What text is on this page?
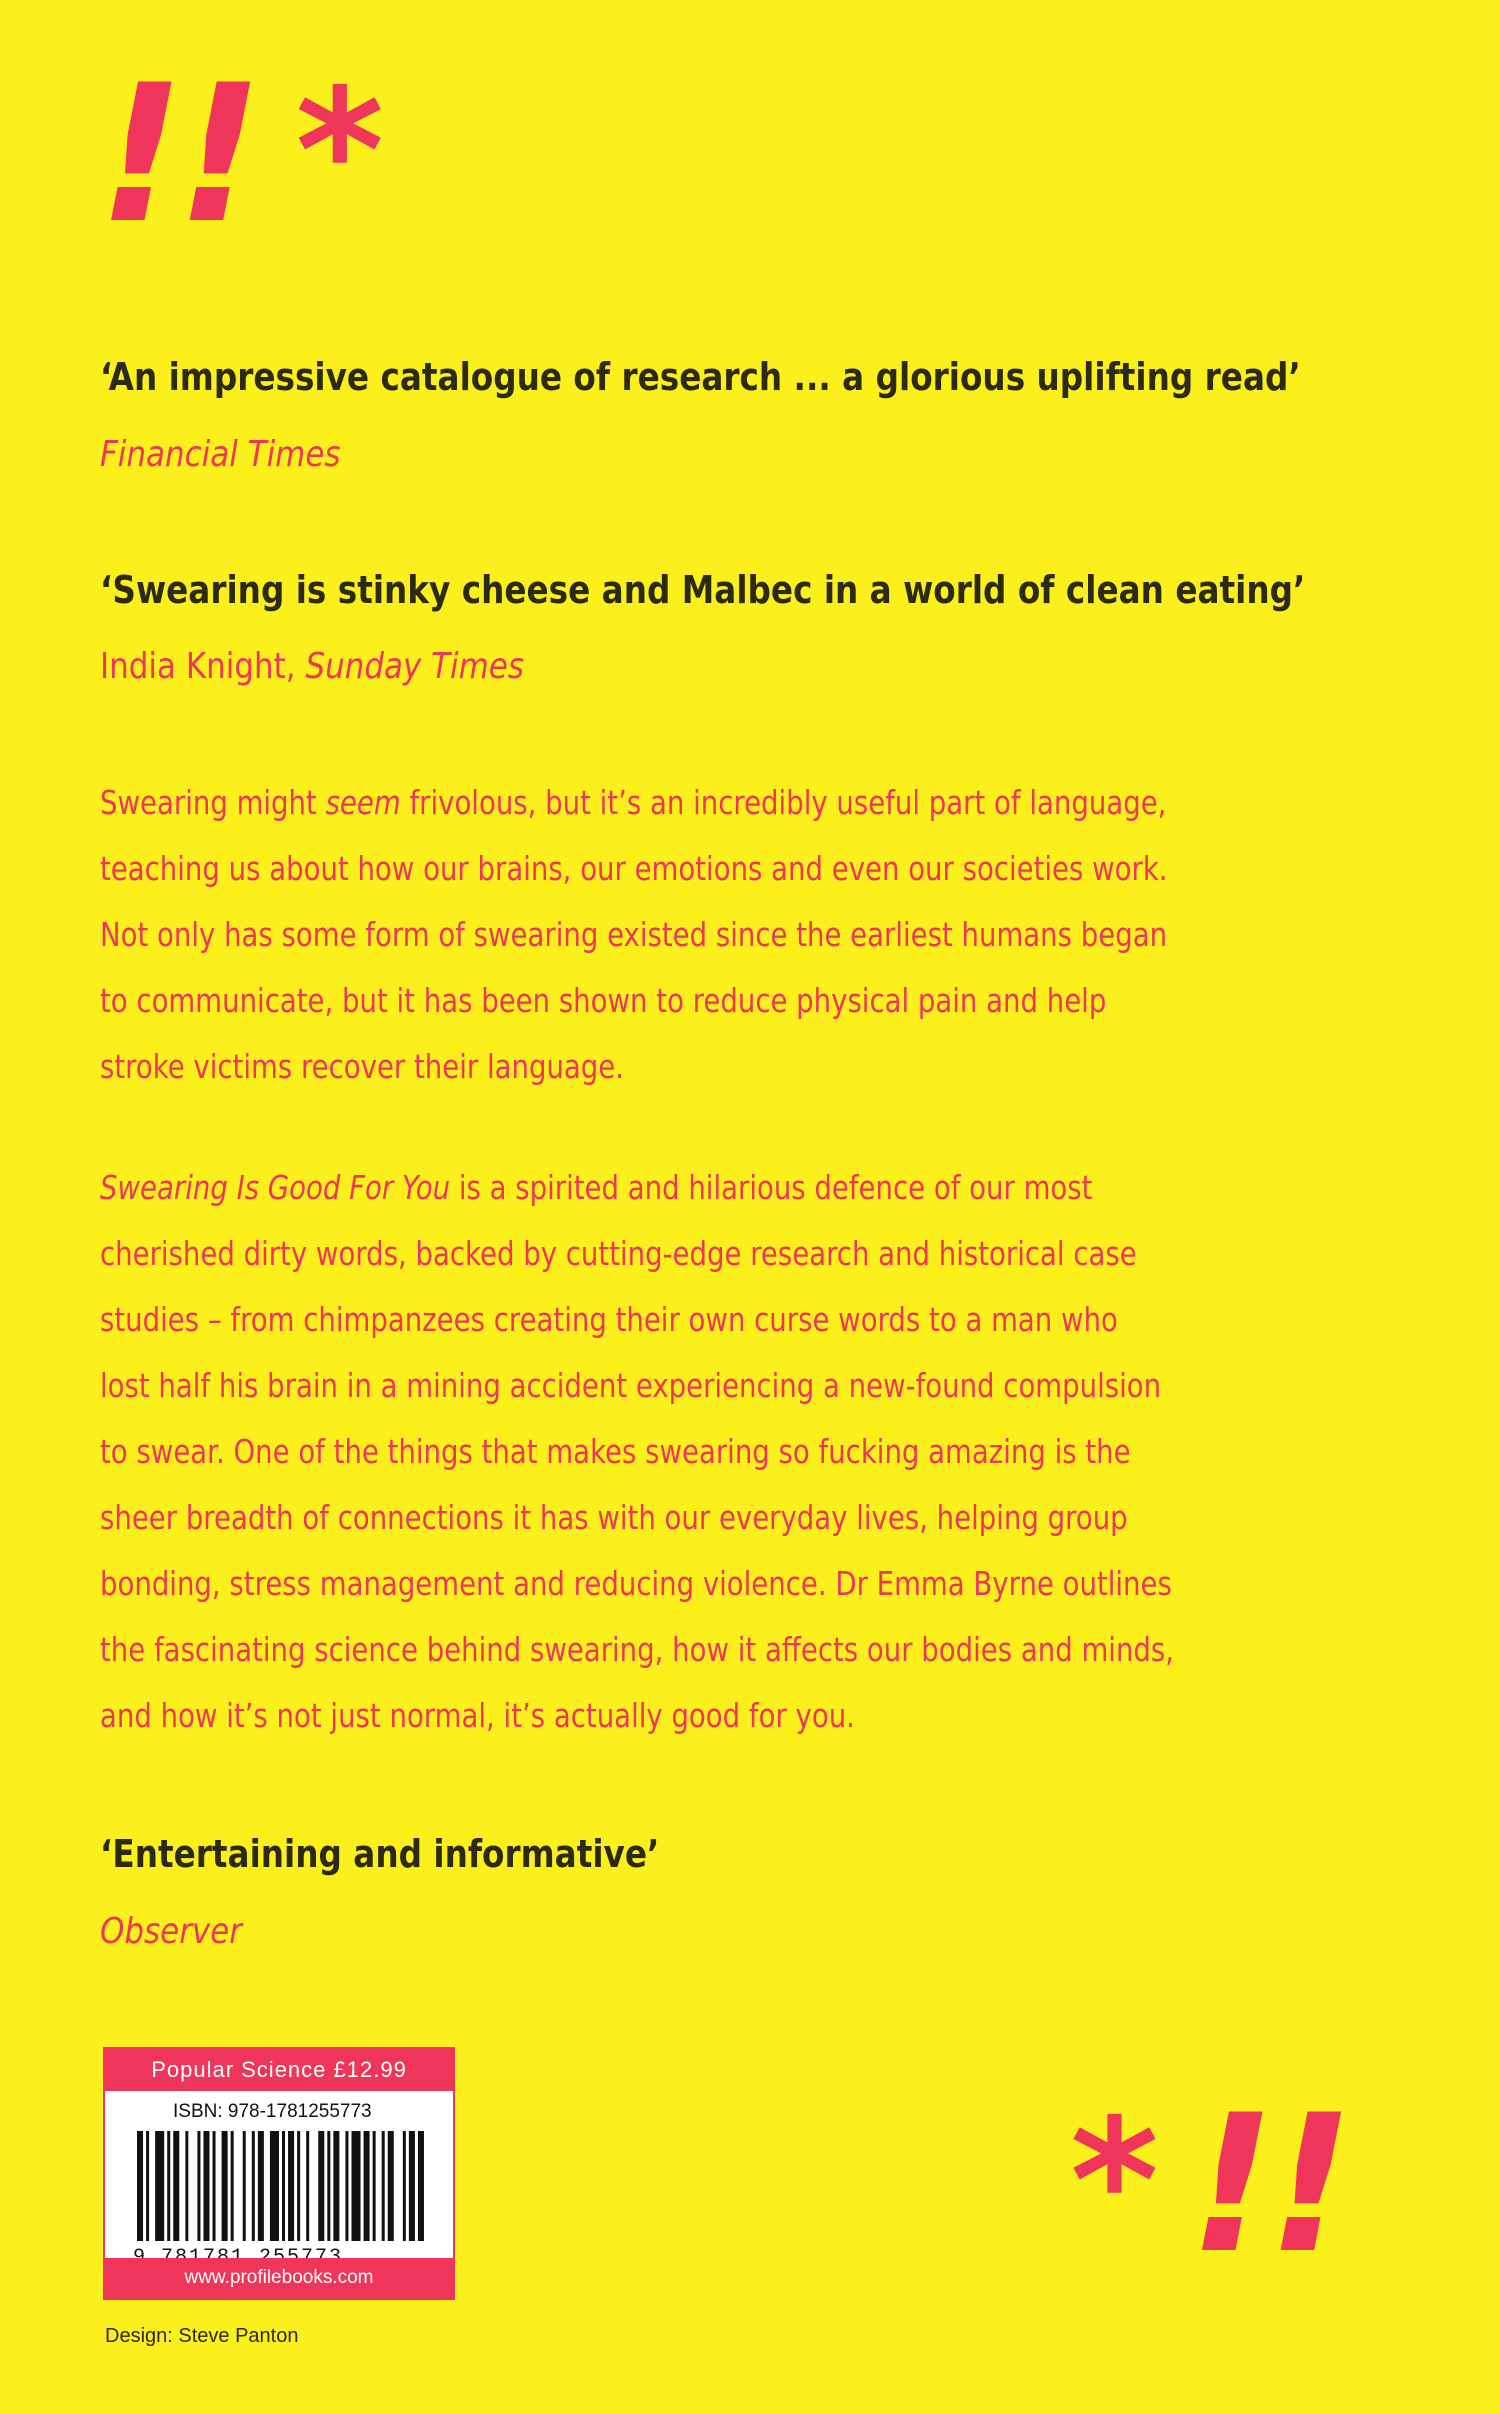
!! *
‘An impressive catalogue of research ... a glorious uplifting read’
Financial Times
‘Swearing is stinky cheese and Malbec in a world of clean eating’
India Knight, Sunday Times
Swearing might seem frivolous, but it’s an incredibly useful part of language,
teaching us about how our brains, our emotions and even our societies work.
Not only has some form of swearing existed since the earliest humans began
to communicate, but it has been shown to reduce physical pain and help
stroke victims recover their language.
Swearing Is Good For You is a spirited and hilarious defence of our most
cherished dirty words, backed by cutting-edge research and historical case
studies – from chimpanzees creating their own curse words to a man who
lost half his brain in a mining accident experiencing a new-found compulsion
to swear. One of the things that makes swearing so fucking amazing is the
sheer breadth of connections it has with our everyday lives, helping group
bonding, stress management and reducing violence. Dr Emma Byrne outlines
the fascinating science behind swearing, how it affects our bodies and minds,
and how it’s not just normal, it’s actually good for you.
‘Entertaining and informative’
Observer
Popular Science £12.99
ISBN: 978-1781255773
www.profilebooks.com
Design: Steve Panton
* !!
